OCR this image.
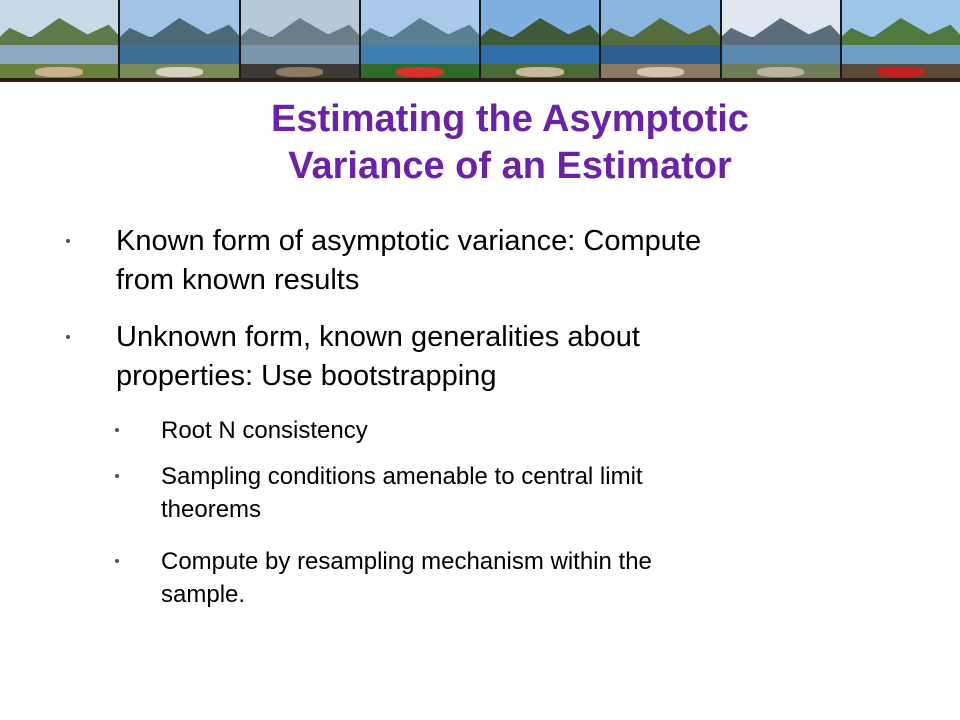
Estimating the Asymptotic
Variance of an Estimator
Known form of asymptotic variance: Compute
from known results
Unknown form, known generalities about
properties: Use bootstrapping
Root N consistency
Sampling conditions amenable to central limit
theorems
Compute by resampling mechanism within the
sample.
